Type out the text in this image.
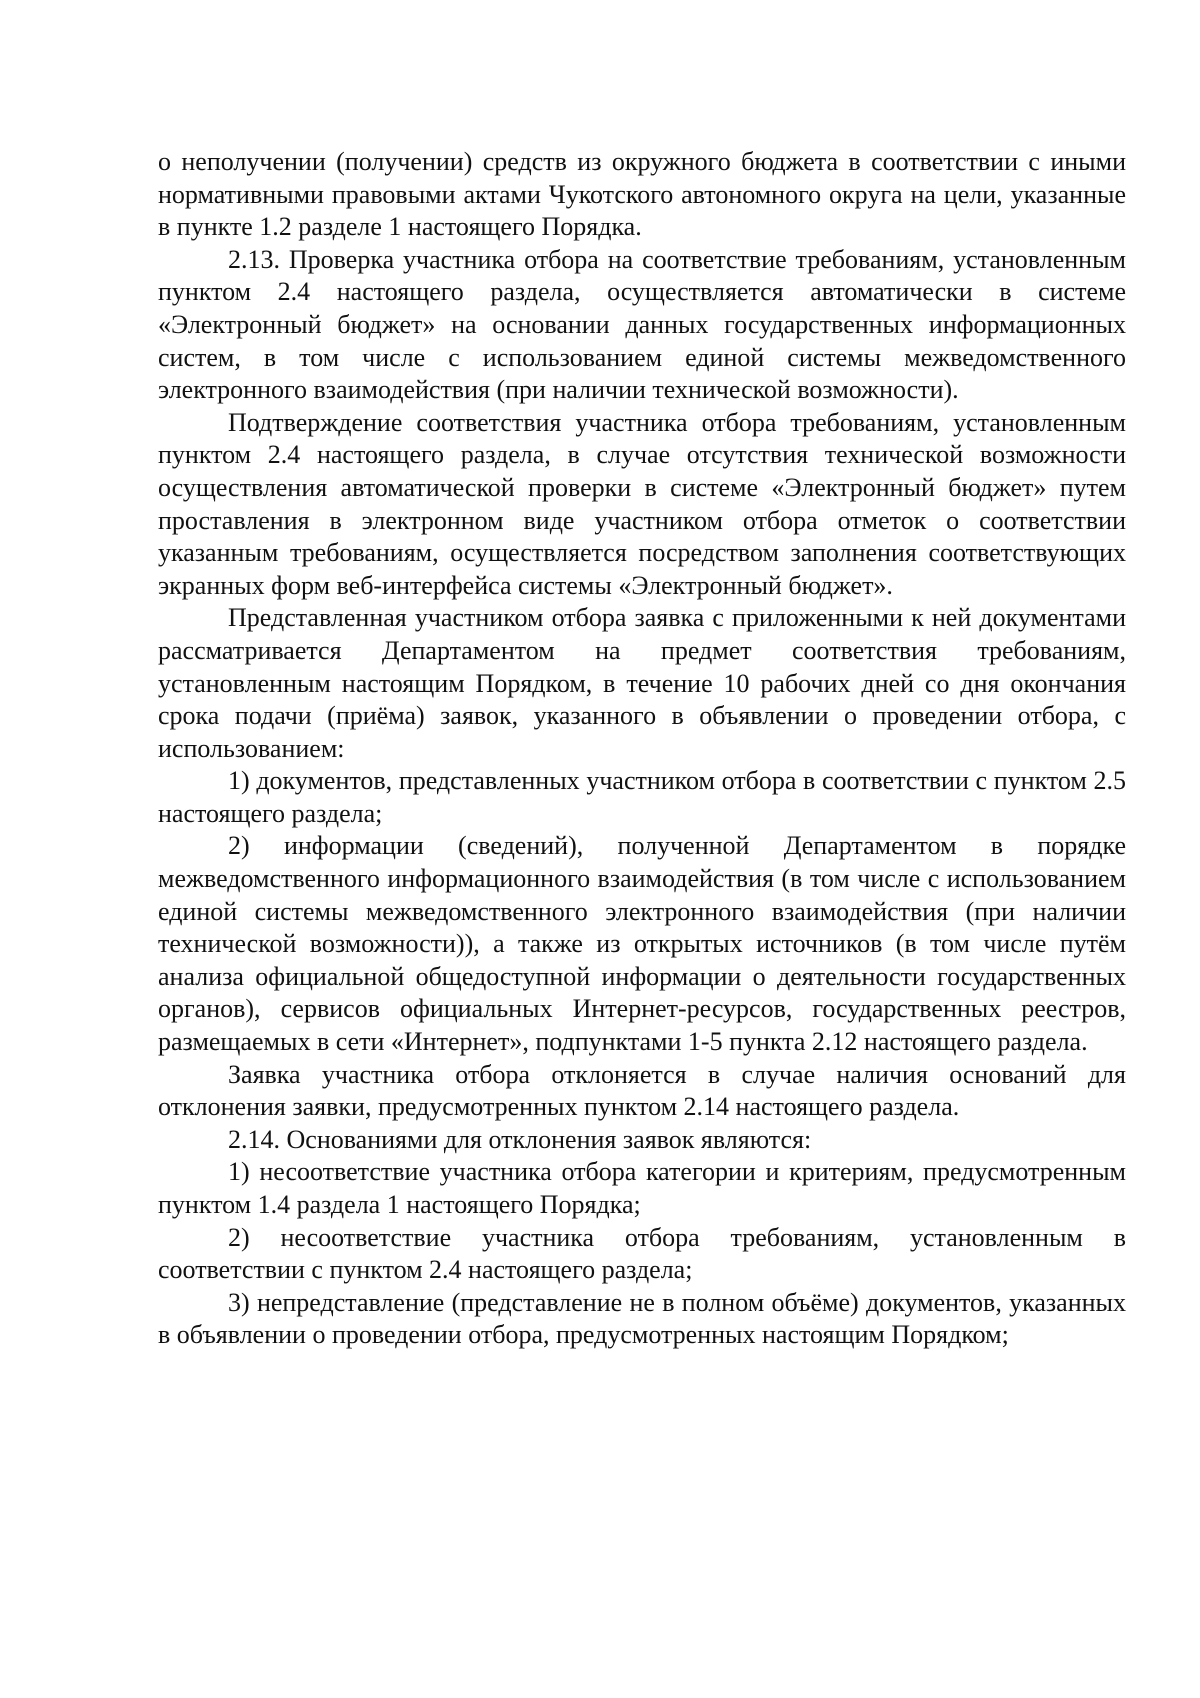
о неполучении (получении) средств из окружного бюджета в соответствии с иными нормативными правовыми актами Чукотского автономного округа на цели, указанные в пункте 1.2 разделе 1 настоящего Порядка.

2.13. Проверка участника отбора на соответствие требованиям, установленным пунктом 2.4 настоящего раздела, осуществляется автоматически в системе «Электронный бюджет» на основании данных государственных информационных систем, в том числе с использованием единой системы межведомственного электронного взаимодействия (при наличии технической возможности).

Подтверждение соответствия участника отбора требованиям, установленным пунктом 2.4 настоящего раздела, в случае отсутствия технической возможности осуществления автоматической проверки в системе «Электронный бюджет» путем проставления в электронном виде участником отбора отметок о соответствии указанным требованиям, осуществляется посредством заполнения соответствующих экранных форм веб-интерфейса системы «Электронный бюджет».

Представленная участником отбора заявка с приложенными к ней документами рассматривается Департаментом на предмет соответствия требованиям, установленным настоящим Порядком, в течение 10 рабочих дней со дня окончания срока подачи (приёма) заявок, указанного в объявлении о проведении отбора, с использованием:

1) документов, представленных участником отбора в соответствии с пунктом 2.5 настоящего раздела;

2) информации (сведений), полученной Департаментом в порядке межведомственного информационного взаимодействия (в том числе с использованием единой системы межведомственного электронного взаимодействия (при наличии технической возможности)), а также из открытых источников (в том числе путём анализа официальной общедоступной информации о деятельности государственных органов), сервисов официальных Интернет-ресурсов, государственных реестров, размещаемых в сети «Интернет», подпунктами 1-5 пункта 2.12 настоящего раздела.

Заявка участника отбора отклоняется в случае наличия оснований для отклонения заявки, предусмотренных пунктом 2.14 настоящего раздела.

2.14. Основаниями для отклонения заявок являются:

1) несоответствие участника отбора категории и критериям, предусмотренным пунктом 1.4 раздела 1 настоящего Порядка;

2) несоответствие участника отбора требованиям, установленным в соответствии с пунктом 2.4 настоящего раздела;

3) непредставление (представление не в полном объёме) документов, указанных в объявлении о проведении отбора, предусмотренных настоящим Порядком;
